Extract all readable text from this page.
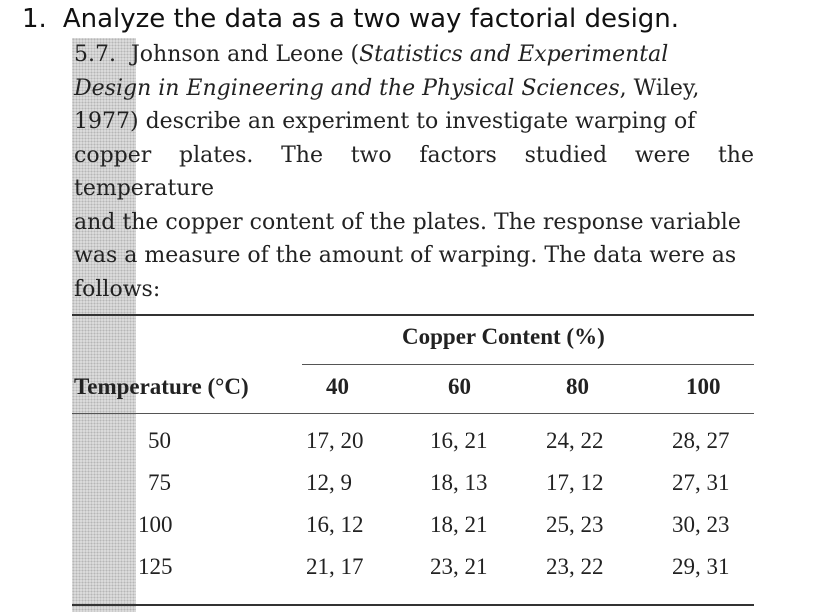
1. Analyze the data as a two way factorial design.
5.7. Johnson and Leone (Statistics and Experimental
Design in Engineering and the Physical Sciences, Wiley,
1977) describe an experiment to investigate warping of
copper plates. The two factors studied were the temperature
and the copper content of the plates. The response variable
was a measure of the amount of warping. The data were as
follows:
Copper Content (%)
Temperature (°C)	40	60	80	100
50	17, 20	16, 21	24, 22	28, 27
75	12, 9	18, 13	17, 12	27, 31
100	16, 12	18, 21	25, 23	30, 23
125	21, 17	23, 21	23, 22	29, 31
